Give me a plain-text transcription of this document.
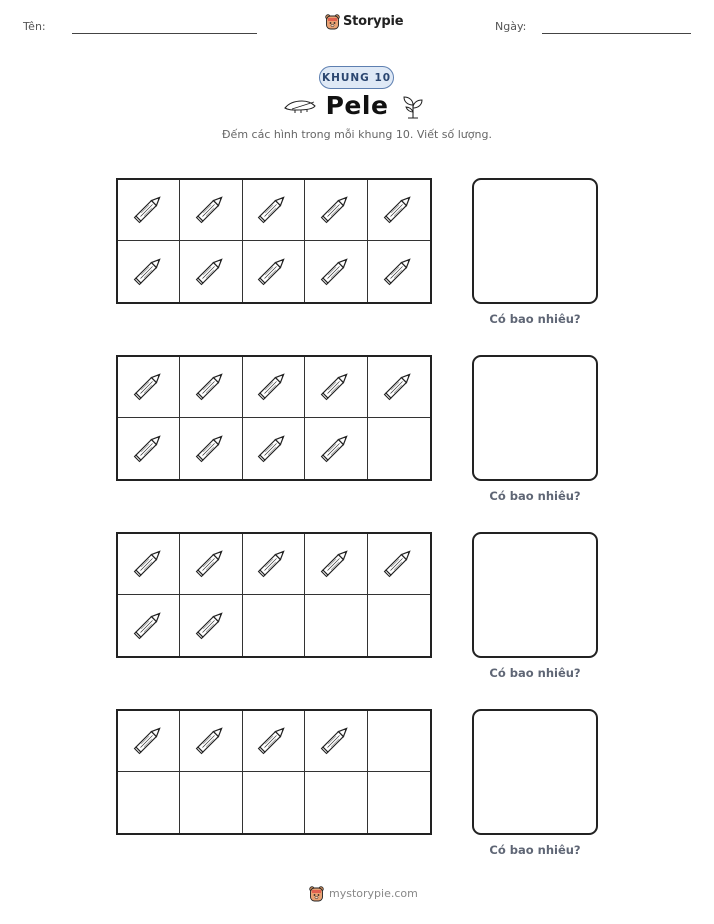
Tên:	Storypie	Ngày:
KHUNG 10
Pele

Đếm các hình trong mỗi khung 10. Viết số lượng.

Có bao nhiêu?
Có bao nhiêu?
Có bao nhiêu?
Có bao nhiêu?
mystorypie.com
